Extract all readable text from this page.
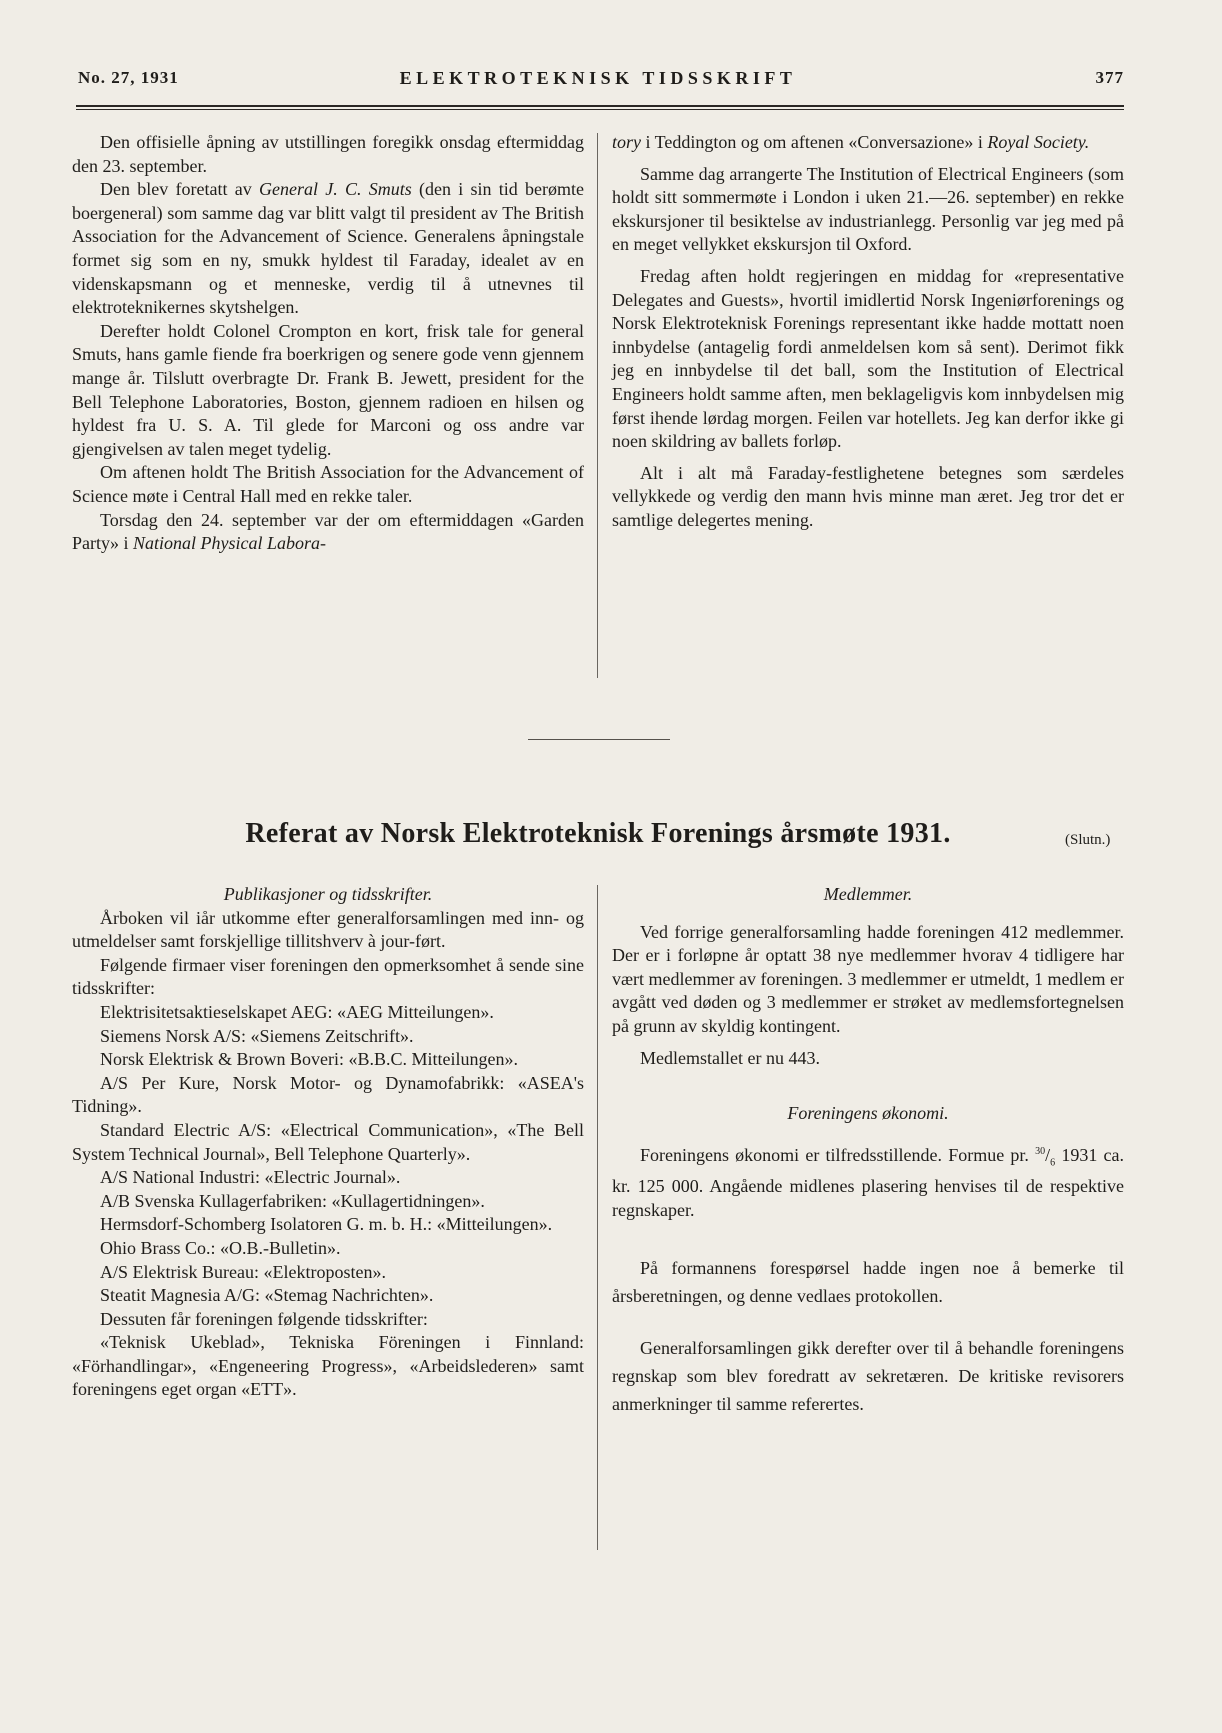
No. 27, 1931	ELEKTROTEKNISK TIDSSKRIFT	377

Den offisielle åpning av utstillingen foregikk onsdag eftermiddag den 23. september.

Den blev foretatt av General J. C. Smuts (den i sin tid berømte boergeneral) som samme dag var blitt valgt til president av The British Association for the Advancement of Science. Generalens åpningstale formet sig som en ny, smukk hyldest til Faraday, idealet av en videnskapsmann og et menneske, verdig til å utnevnes til elektroteknikernes skytshelgen.

Derefter holdt Colonel Crompton en kort, frisk tale for general Smuts, hans gamle fiende fra boerkrigen og senere gode venn gjennem mange år. Tilslutt overbragte Dr. Frank B. Jewett, president for the Bell Telephone Laboratories, Boston, gjennem radioen en hilsen og hyldest fra U. S. A. Til glede for Marconi og oss andre var gjengivelsen av talen meget tydelig.

Om aftenen holdt The British Association for the Advancement of Science møte i Central Hall med en rekke taler.

Torsdag den 24. september var der om eftermiddagen «Garden Party» i National Physical Labora-

tory i Teddington og om aftenen «Conversazione» i Royal Society.

Samme dag arrangerte The Institution of Electrical Engineers (som holdt sitt sommermøte i London i uken 21.—26. september) en rekke ekskursjoner til besiktelse av industrianlegg. Personlig var jeg med på en meget vellykket ekskursjon til Oxford.

Fredag aften holdt regjeringen en middag for «representative Delegates and Guests», hvortil imidlertid Norsk Ingeniørforenings og Norsk Elektroteknisk Forenings representant ikke hadde mottatt noen innbydelse (antagelig fordi anmeldelsen kom så sent). Derimot fikk jeg en innbydelse til det ball, som the Institution of Electrical Engineers holdt samme aften, men beklageligvis kom innbydelsen mig først ihende lørdag morgen. Feilen var hotellets. Jeg kan derfor ikke gi noen skildring av ballets forløp.

Alt i alt må Faraday-festlighetene betegnes som særdeles vellykkede og verdig den mann hvis minne man æret. Jeg tror det er samtlige delegertes mening.

Referat av Norsk Elektroteknisk Forenings årsmøte 1931.	(Slutn.)

Publikasjoner og tidsskrifter.

Årboken vil iår utkomme efter generalforsamlingen med inn- og utmeldelser samt forskjellige tillitshverv à jour-ført.

Følgende firmaer viser foreningen den opmerksomhet å sende sine tidsskrifter:

Elektrisitetsaktieselskapet AEG: «AEG Mitteilungen».

Siemens Norsk A/S: «Siemens Zeitschrift».

Norsk Elektrisk & Brown Boveri: «B.B.C. Mitteilungen».

A/S Per Kure, Norsk Motor- og Dynamofabrikk: «ASEA's Tidning».

Standard Electric A/S: «Electrical Communication», «The Bell System Technical Journal», Bell Telephone Quarterly».

A/S National Industri: «Electric Journal».

A/B Svenska Kullagerfabriken: «Kullagertidningen».

Hermsdorf-Schomberg Isolatoren G. m. b. H.: «Mitteilungen».

Ohio Brass Co.: «O.B.-Bulletin».

A/S Elektrisk Bureau: «Elektroposten».

Steatit Magnesia A/G: «Stemag Nachrichten».

Dessuten får foreningen følgende tidsskrifter:

«Teknisk Ukeblad», Tekniska Föreningen i Finnland: «Förhandlingar», «Engeneering Progress», «Arbeidslederen» samt foreningens eget organ «ETT».

Medlemmer.

Ved forrige generalforsamling hadde foreningen 412 medlemmer. Der er i forløpne år optatt 38 nye medlemmer hvorav 4 tidligere har vært medlemmer av foreningen. 3 medlemmer er utmeldt, 1 medlem er avgått ved døden og 3 medlemmer er strøket av medlemsfortegnelsen på grunn av skyldig kontingent.

Medlemstallet er nu 443.

Foreningens økonomi.

Foreningens økonomi er tilfredsstillende. Formue pr. $^{30}/_6$ 1931 ca. kr. 125 000. Angående midlenes plasering henvises til de respektive regnskaper.

På formannens forespørsel hadde ingen noe å bemerke til årsberetningen, og denne vedlaes protokollen.

Generalforsamlingen gikk derefter over til å behandle foreningens regnskap som blev foredratt av sekretæren. De kritiske revisorers anmerkninger til samme referertes.
